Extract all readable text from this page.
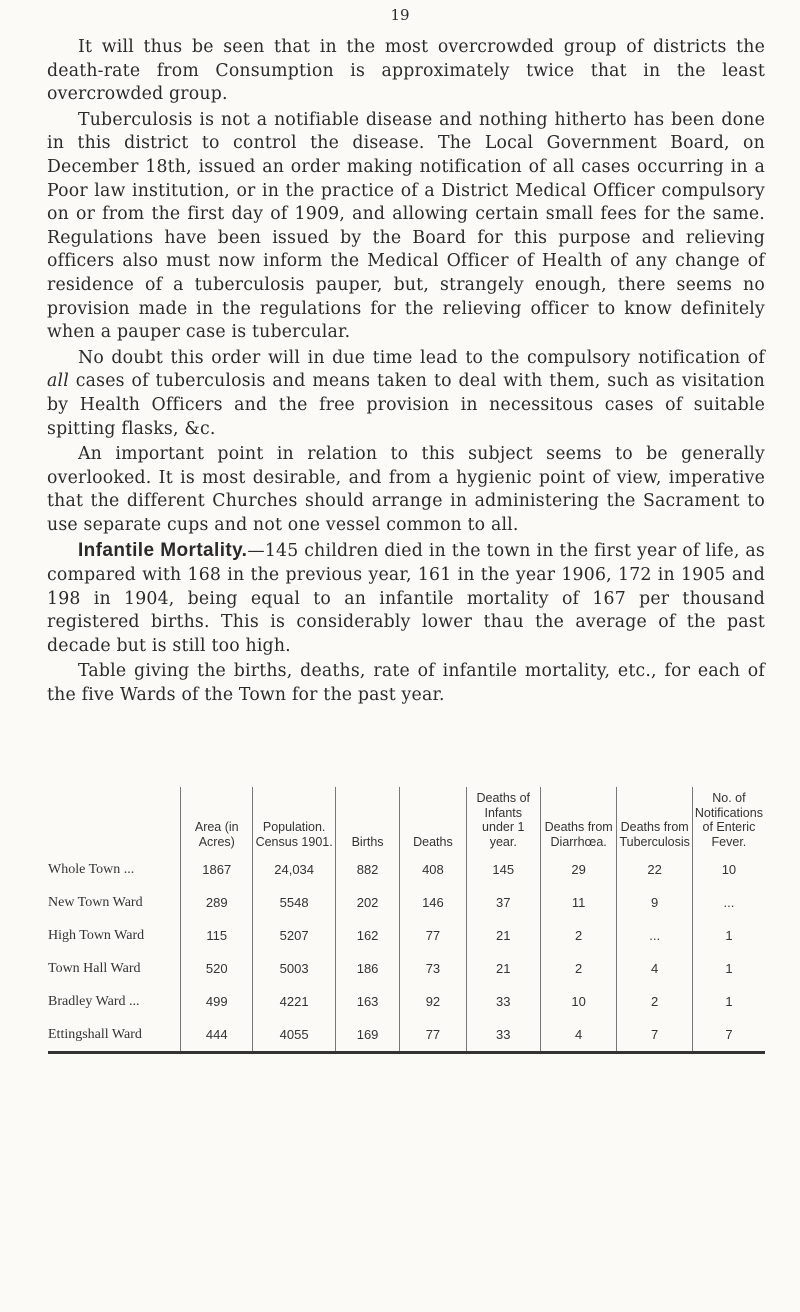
19

It will thus be seen that in the most overcrowded group of districts the death-rate from Consumption is approximately twice that in the least overcrowded group.

Tuberculosis is not a notifiable disease and nothing hitherto has been done in this district to control the disease. The Local Government Board, on December 18th, issued an order making notification of all cases occurring in a Poor law institution, or in the practice of a District Medical Officer compulsory on or from the first day of 1909, and allowing certain small fees for the same. Regulations have been issued by the Board for this purpose and relieving officers also must now inform the Medical Officer of Health of any change of residence of a tuberculosis pauper, but, strangely enough, there seems no provision made in the regulations for the relieving officer to know definitely when a pauper case is tubercular.

No doubt this order will in due time lead to the compulsory notification of all cases of tuberculosis and means taken to deal with them, such as visitation by Health Officers and the free provision in necessitous cases of suitable spitting flasks, &c.

An important point in relation to this subject seems to be generally overlooked. It is most desirable, and from a hygienic point of view, imperative that the different Churches should arrange in administering the Sacrament to use separate cups and not one vessel common to all.

Infantile Mortality.—145 children died in the town in the first year of life, as compared with 168 in the previous year, 161 in the year 1906, 172 in 1905 and 198 in 1904, being equal to an infantile mortality of 167 per thousand registered births. This is considerably lower thau the average of the past decade but is still too high.

Table giving the births, deaths, rate of infantile mortality, etc., for each of the five Wards of the Town for the past year.

	Area (in Acres)	Population. Census 1901.	Births	Deaths	Deaths of Infants under 1 year.	Deaths from Diarrhœa.	Deaths from Tuberculosis	No. of Notifications of Enteric Fever.
Whole Town ...	1867	24,034	882	408	145	29	22	10
New Town Ward	289	5548	202	146	37	11	9	...
High Town Ward	115	5207	162	77	21	2	...	1
Town Hall Ward	520	5003	186	73	21	2	4	1
Bradley Ward ...	499	4221	163	92	33	10	2	1
Ettingshall Ward	444	4055	169	77	33	4	7	7
